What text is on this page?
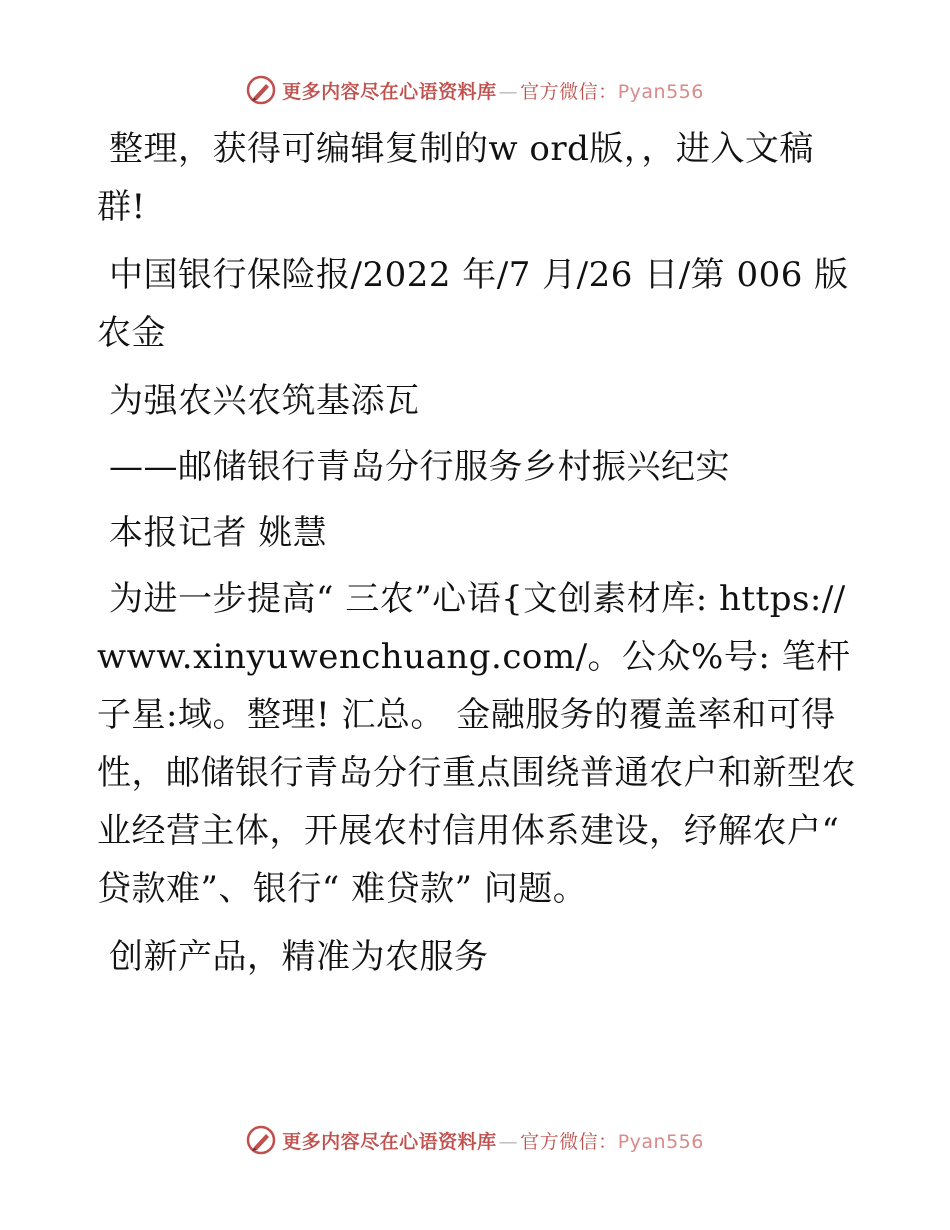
更多内容尽在心语资料库 — 官方微信：Pyan556

整理，获得可编辑复制的w ord版，，进入文稿群!

中国银行保险报/2022 年/7 月/26 日/第 006 版 农金

为强农兴农筑基添瓦

——邮储银行青岛分行服务乡村振兴纪实

本报记者 姚慧

为进一步提高“ 三农”心语{文创素材库: https://www.xinyuwenchuang.com/。公众%号: 笔杆子星:域。整理! 汇总。 金融服务的覆盖率和可得性，邮储银行青岛分行重点围绕普通农户和新型农业经营主体，开展农村信用体系建设，纾解农户“ 贷款难”、银行“ 难贷款” 问题。

创新产品，精准为农服务

更多内容尽在心语资料库 — 官方微信：Pyan556
